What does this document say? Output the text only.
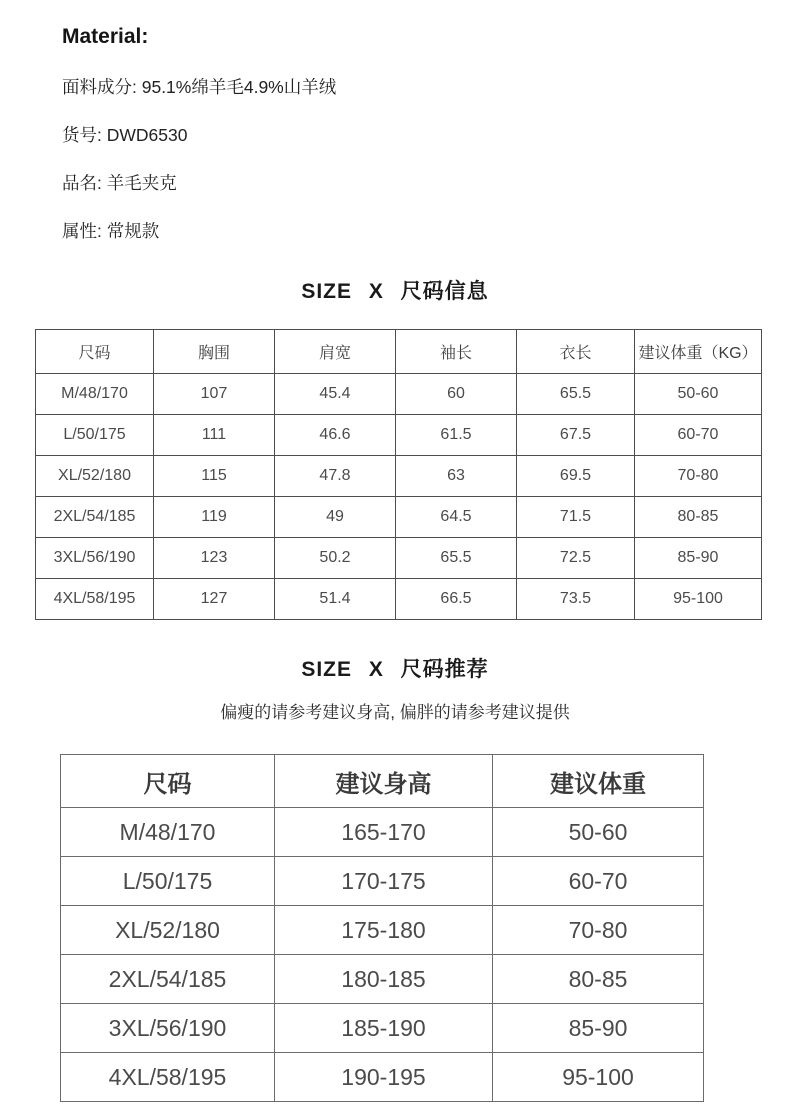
Material:
面料成分: 95.1%绵羊毛4.9%山羊绒
货号: DWD6530
品名: 羊毛夹克
属性: 常规款
SIZE X 尺码信息
尺码	胸围	肩宽	袖长	衣长	建议体重（KG）
M/48/170	107	45.4	60	65.5	50-60
L/50/175	111	46.6	61.5	67.5	60-70
XL/52/180	115	47.8	63	69.5	70-80
2XL/54/185	119	49	64.5	71.5	80-85
3XL/56/190	123	50.2	65.5	72.5	85-90
4XL/58/195	127	51.4	66.5	73.5	95-100
SIZE X 尺码推荐
偏瘦的请参考建议身高, 偏胖的请参考建议提供
尺码	建议身高	建议体重
M/48/170	165-170	50-60
L/50/175	170-175	60-70
XL/52/180	175-180	70-80
2XL/54/185	180-185	80-85
3XL/56/190	185-190	85-90
4XL/58/195	190-195	95-100
